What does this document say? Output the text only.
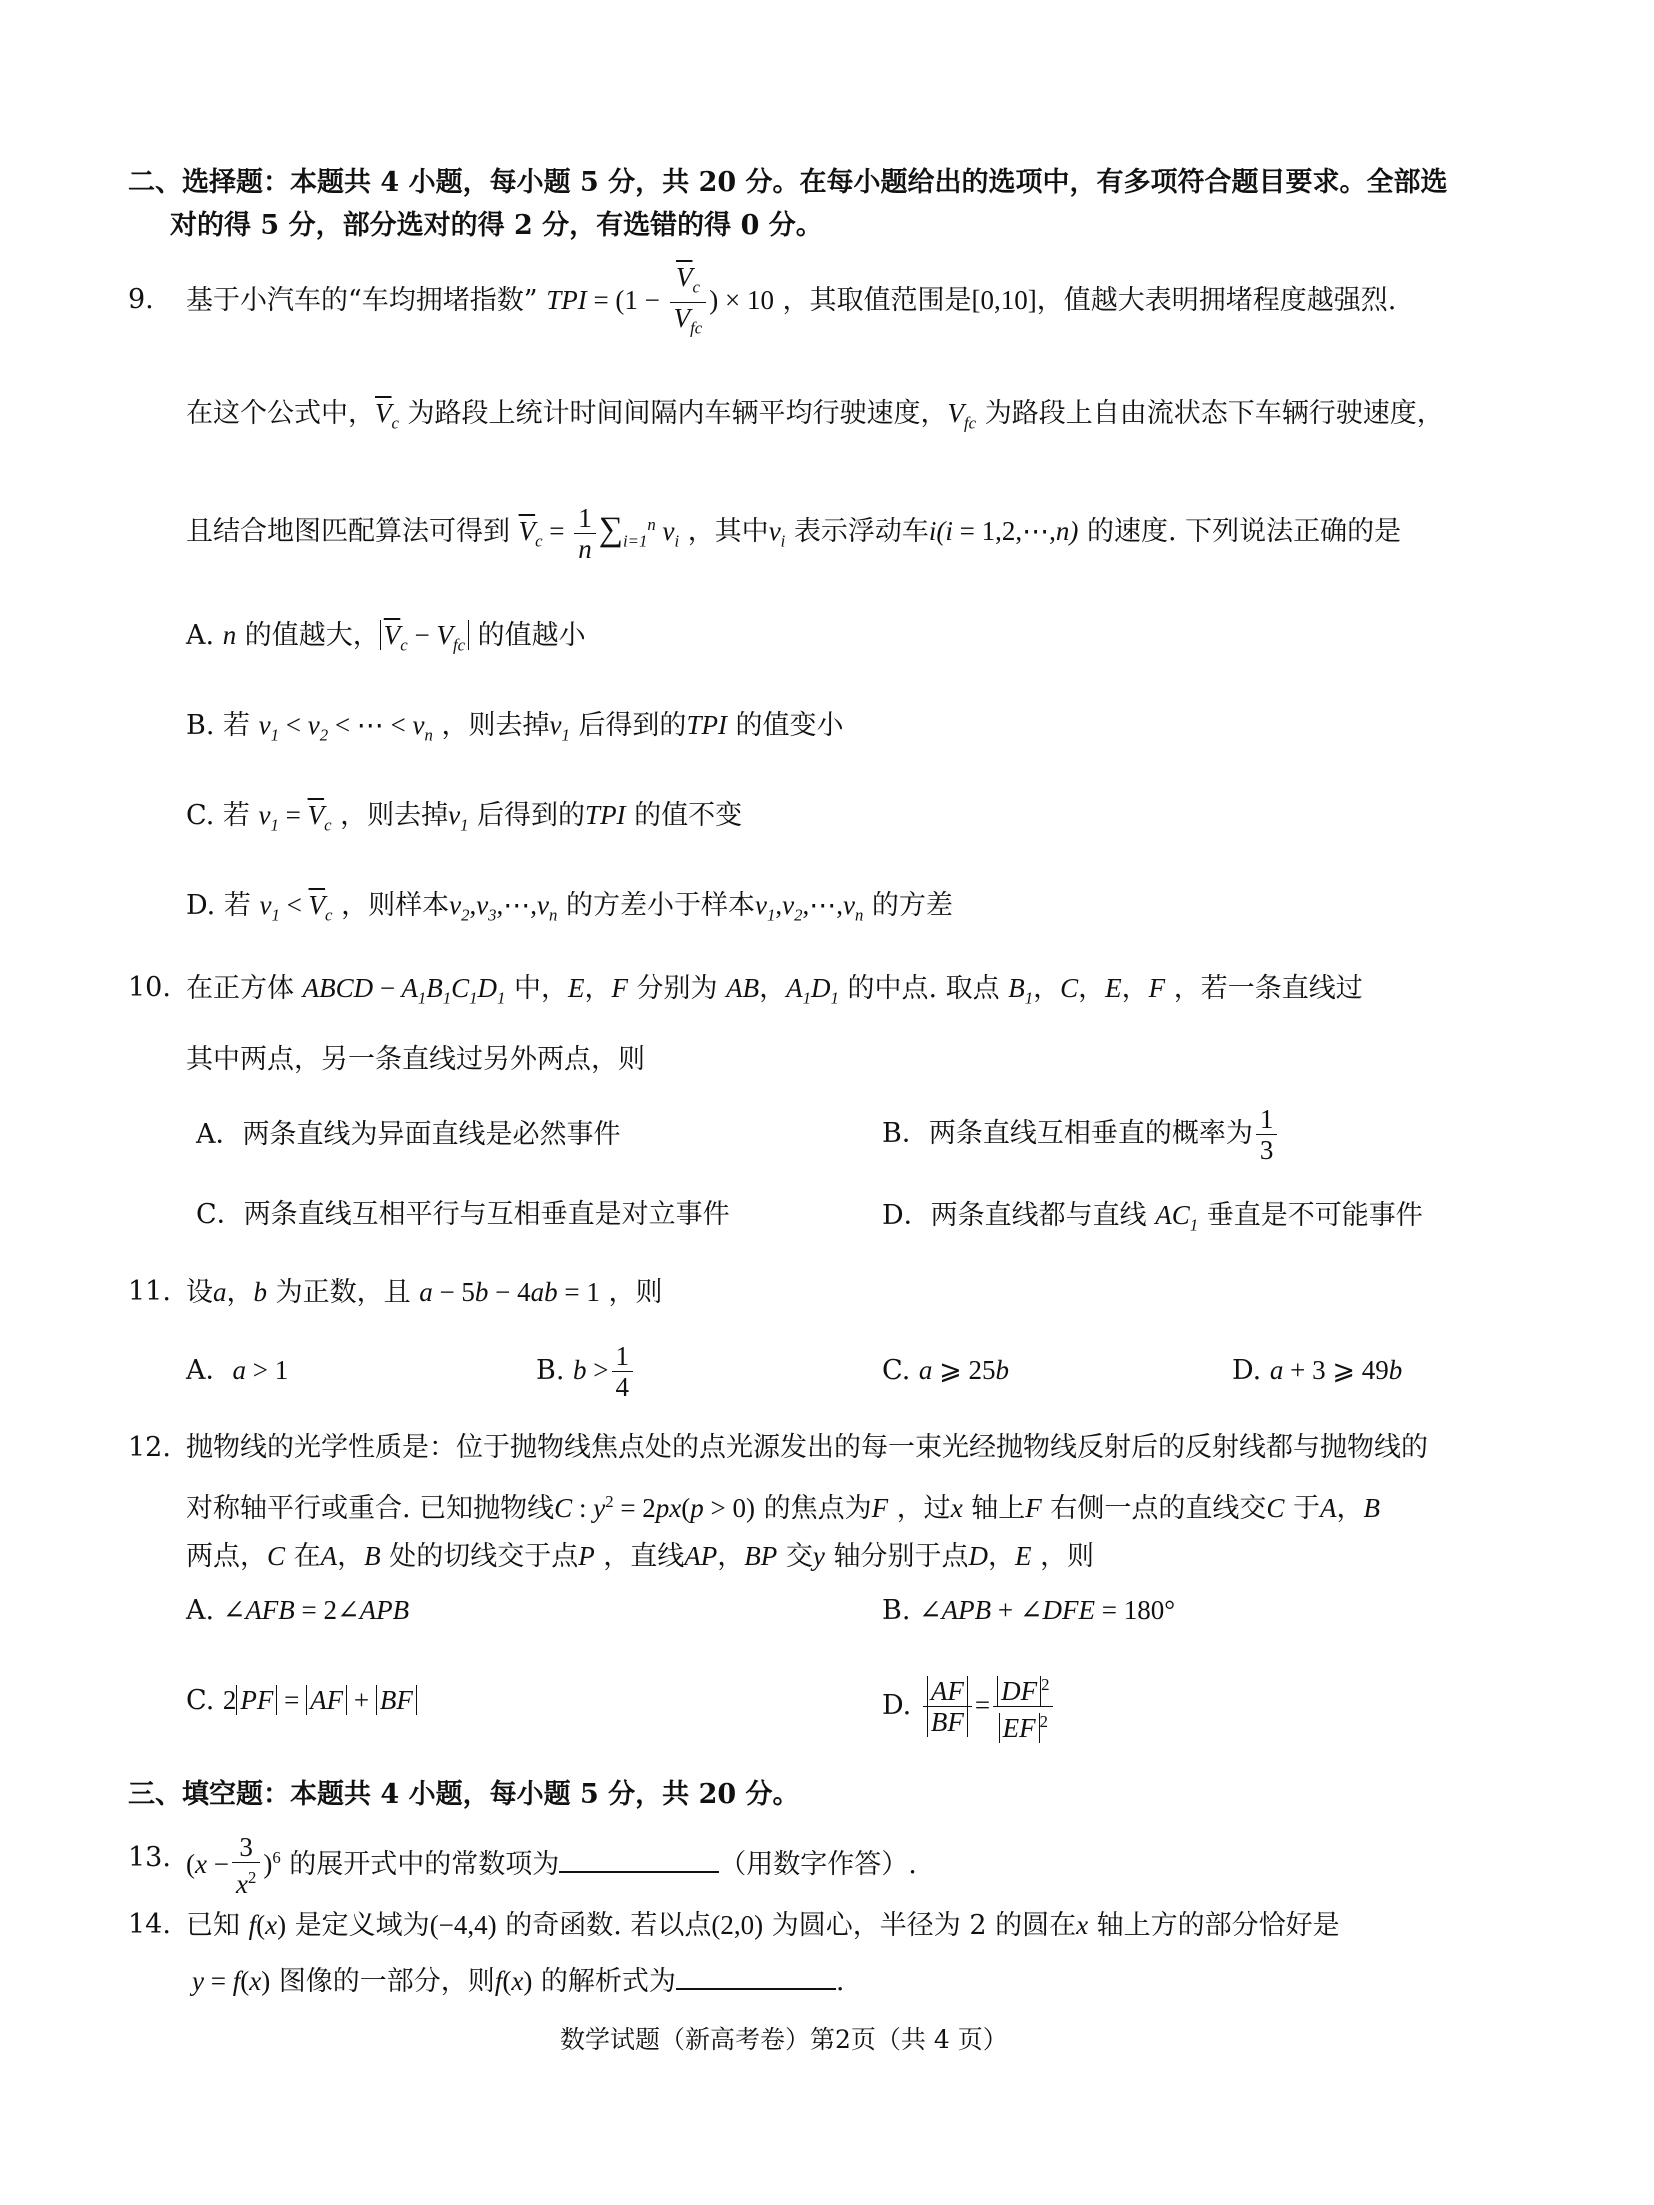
二、选择题：本题共 4 小题，每小题 5 分，共 20 分。在每小题给出的选项中，有多项符合题目要求。全部选
对的得 5 分，部分选对的得 2 分，有选错的得 0 分。
9. 基于小汽车的“车均拥堵指数” TPI = ($1 - \frac{\overline{V}_c}{V_{fc}}$ ) × 10 ，其取值范围是[0,10]，值越大表明拥堵程度越强烈.
在这个公式中，$\overline{V}_c$ 为路段上统计时间间隔内车辆平均行驶速度，$V_{fc}$ 为路段上自由流状态下车辆行驶速度，
且结合地图匹配算法可得到 $\overline{V}_c = \frac{1}{n} \sum_{i=1}^n$ $v_i$ ，其中$v_i$ 表示浮动车i(i = 1,2,⋯,n) 的速度. 下列说法正确的是
A. n 的值越大， $\overline{V}_c - V_{fc}$ 的值越小
B. 若 $v_1 < v_2$ < ⋯ < $v_n$ ，则去掉$v_1$ 后得到的TPI 的值变小
C. 若 $v_1 = \overline{V}_c$ ，则去掉$v_1$ 后得到的TPI 的值不变
D. 若 $v_1 < \overline{V}_c$ ，则样本$v_2,v_3,\cdots,v_n$ 的方差小于样本$v_1,v_2,\cdots,v_n$ 的方差
10. 在正方体 ABCD − $A_1B_1C_1D_1$ 中，E，F 分别为 AB，$A_1D_1$ 的中点. 取点 $B_1$，C，E，F ，若一条直线过
其中两点，另一条直线过另外两点，则
A．两条直线为异面直线是必然事件	B．两条直线互相垂直的概率为 $\frac{1}{3}$
C．两条直线互相平行与互相垂直是对立事件	D．两条直线都与直线 $AC_1$ 垂直是不可能事件
11. 设a，b 为正数，且 a − 5b − 4ab = 1 ，则
A．a > 1	B. $b > \frac{1}{4}$	C. a ⩾ 25b	D. a + 3 ⩾ 49b
12. 抛物线的光学性质是：位于抛物线焦点处的点光源发出的每一束光经抛物线反射后的反射线都与抛物线的
对称轴平行或重合. 已知抛物线C : $y^2 = 2px(p > 0)$ 的焦点为F ，过x 轴上F 右侧一点的直线交C 于A，B
两点，C 在A，B 处的切线交于点P ，直线AP，BP 交y 轴分别于点D，E ，则
A. ∠AFB = 2∠APB	B. ∠APB + ∠DFE = 180°
C. 2 PF = AF + BF	D. $\frac{AF}{BF} = \frac{DF ^2}{EF ^2}$
三、填空题：本题共 4 小题，每小题 5 分，共 20 分。
13. $(x - \frac{3}{x^2} )^6$ 的展开式中的常数项为	（用数字作答）.
14. 已知 f(x) 是定义域为(−4,4) 的奇函数. 若以点(2,0) 为圆心，半径为 2 的圆在x 轴上方的部分恰好是
y = f(x) 图像的一部分，则f(x) 的解析式为	.
数学试题（新高考卷）第2页（共 4 页）
